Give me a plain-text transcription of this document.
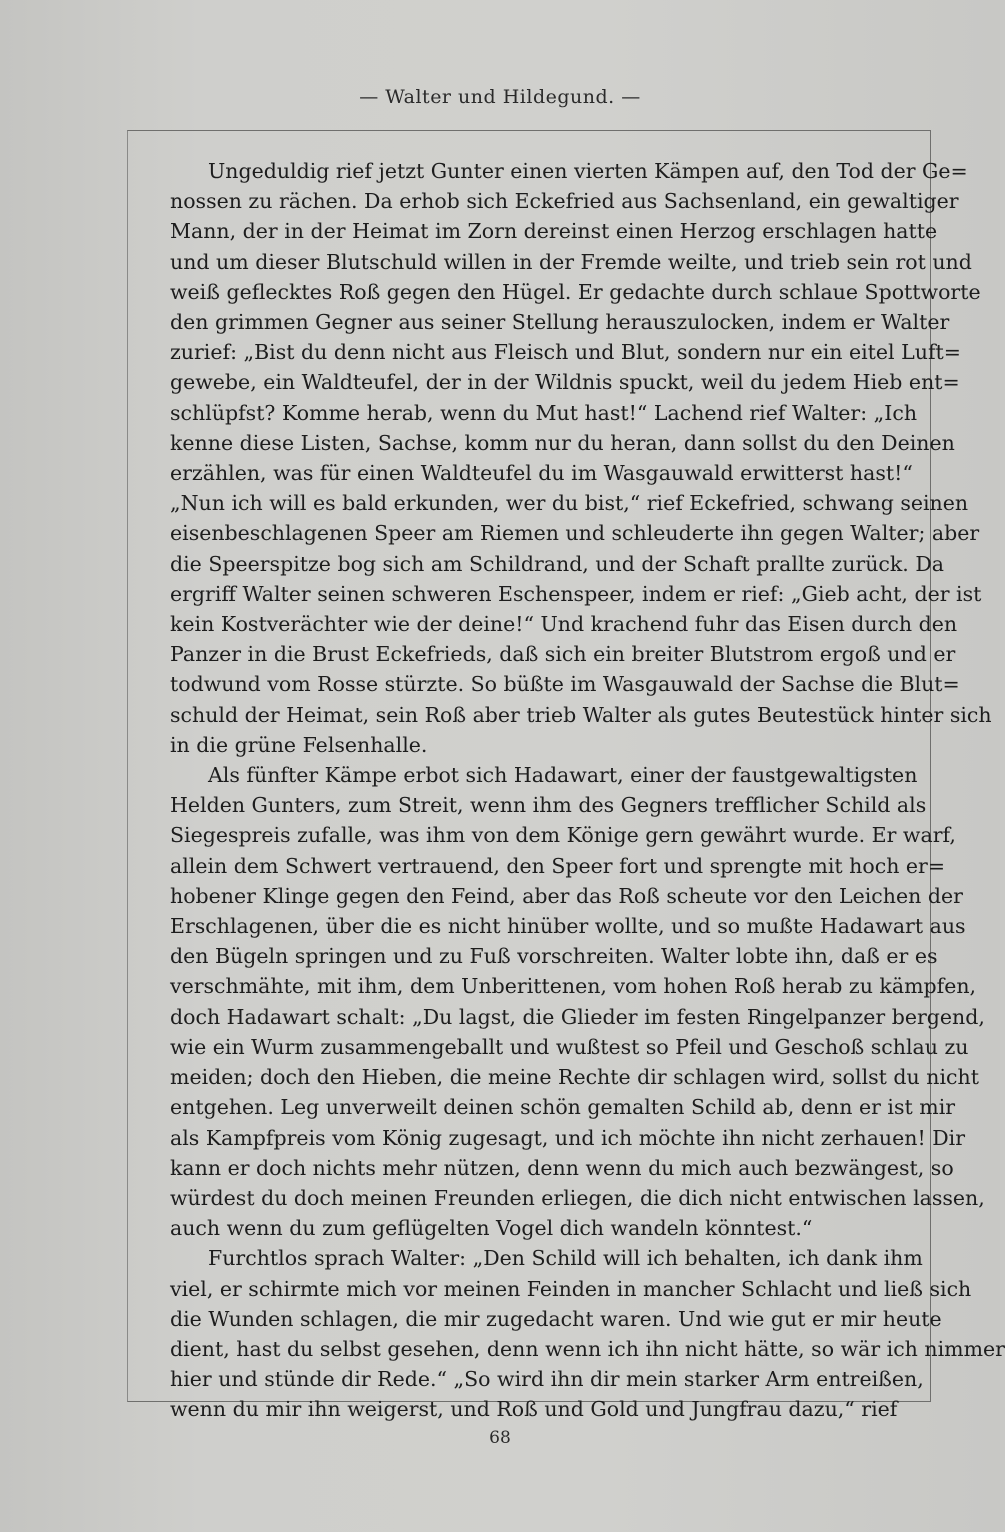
— Walter und Hildegund. —
Ungeduldig rief jetzt Gunter einen vierten Kämpen auf, den Tod der Ge=
nossen zu rächen. Da erhob sich Eckefried aus Sachsenland, ein gewaltiger
Mann, der in der Heimat im Zorn dereinst einen Herzog erschlagen hatte
und um dieser Blutschuld willen in der Fremde weilte, und trieb sein rot und
weiß geflecktes Roß gegen den Hügel. Er gedachte durch schlaue Spottworte
den grimmen Gegner aus seiner Stellung herauszulocken, indem er Walter
zurief: „Bist du denn nicht aus Fleisch und Blut, sondern nur ein eitel Luft=
gewebe, ein Waldteufel, der in der Wildnis spuckt, weil du jedem Hieb ent=
schlüpfst? Komme herab, wenn du Mut hast!“ Lachend rief Walter: „Ich
kenne diese Listen, Sachse, komm nur du heran, dann sollst du den Deinen
erzählen, was für einen Waldteufel du im Wasgauwald erwitterst hast!“
„Nun ich will es bald erkunden, wer du bist,“ rief Eckefried, schwang seinen
eisenbeschlagenen Speer am Riemen und schleuderte ihn gegen Walter; aber
die Speerspitze bog sich am Schildrand, und der Schaft prallte zurück. Da
ergriff Walter seinen schweren Eschenspeer, indem er rief: „Gieb acht, der ist
kein Kostverächter wie der deine!“ Und krachend fuhr das Eisen durch den
Panzer in die Brust Eckefrieds, daß sich ein breiter Blutstrom ergoß und er
todwund vom Rosse stürzte. So büßte im Wasgauwald der Sachse die Blut=
schuld der Heimat, sein Roß aber trieb Walter als gutes Beutestück hinter sich
in die grüne Felsenhalle.
Als fünfter Kämpe erbot sich Hadawart, einer der faustgewaltigsten
Helden Gunters, zum Streit, wenn ihm des Gegners trefflicher Schild als
Siegespreis zufalle, was ihm von dem Könige gern gewährt wurde. Er warf,
allein dem Schwert vertrauend, den Speer fort und sprengte mit hoch er=
hobener Klinge gegen den Feind, aber das Roß scheute vor den Leichen der
Erschlagenen, über die es nicht hinüber wollte, und so mußte Hadawart aus
den Bügeln springen und zu Fuß vorschreiten. Walter lobte ihn, daß er es
verschmähte, mit ihm, dem Unberittenen, vom hohen Roß herab zu kämpfen,
doch Hadawart schalt: „Du lagst, die Glieder im festen Ringelpanzer bergend,
wie ein Wurm zusammengeballt und wußtest so Pfeil und Geschoß schlau zu
meiden; doch den Hieben, die meine Rechte dir schlagen wird, sollst du nicht
entgehen. Leg unverweilt deinen schön gemalten Schild ab, denn er ist mir
als Kampfpreis vom König zugesagt, und ich möchte ihn nicht zerhauen! Dir
kann er doch nichts mehr nützen, denn wenn du mich auch bezwängest, so
würdest du doch meinen Freunden erliegen, die dich nicht entwischen lassen,
auch wenn du zum geflügelten Vogel dich wandeln könntest.“
Furchtlos sprach Walter: „Den Schild will ich behalten, ich dank ihm
viel, er schirmte mich vor meinen Feinden in mancher Schlacht und ließ sich
die Wunden schlagen, die mir zugedacht waren. Und wie gut er mir heute
dient, hast du selbst gesehen, denn wenn ich ihn nicht hätte, so wär ich nimmer
hier und stünde dir Rede.“ „So wird ihn dir mein starker Arm entreißen,
wenn du mir ihn weigerst, und Roß und Gold und Jungfrau dazu,“ rief
68
